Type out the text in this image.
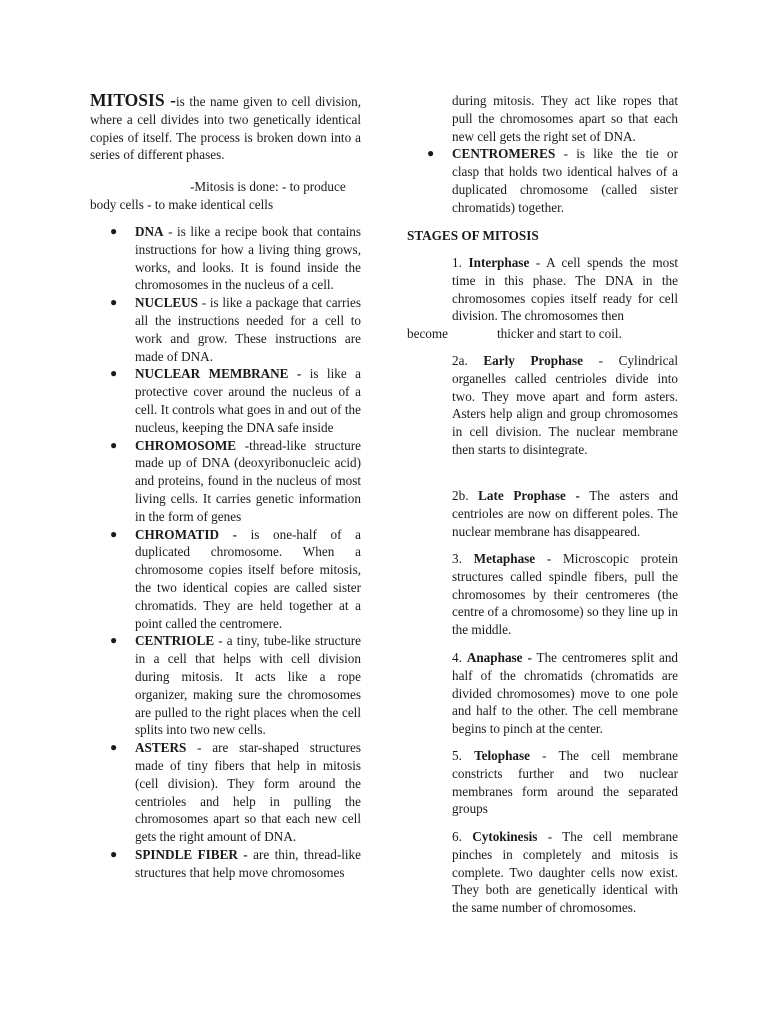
MITOSIS -is the name given to cell division, where a cell divides into two genetically identical copies of itself. The process is broken down into a series of different phases.

-Mitosis is done: - to produce

body cells - to make identical cells

● DNA - is like a recipe book that contains instructions for how a living thing grows, works, and looks. It is found inside the chromosomes in the nucleus of a cell.
● NUCLEUS - is like a package that carries all the instructions needed for a cell to work and grow. These instructions are made of DNA.
● NUCLEAR MEMBRANE - is like a protective cover around the nucleus of a cell. It controls what goes in and out of the nucleus, keeping the DNA safe inside
● CHROMOSOME -thread-like structure made up of DNA (deoxyribonucleic acid) and proteins, found in the nucleus of most living cells. It carries genetic information in the form of genes
● CHROMATID - is one-half of a duplicated chromosome. When a chromosome copies itself before mitosis, the two identical copies are called sister chromatids. They are held together at a point called the centromere.
● CENTRIOLE - a tiny, tube-like structure in a cell that helps with cell division during mitosis. It acts like a rope organizer, making sure the chromosomes are pulled to the right places when the cell splits into two new cells.
● ASTERS - are star-shaped structures made of tiny fibers that help in mitosis (cell division). They form around the centrioles and help in pulling the chromosomes apart so that each new cell gets the right amount of DNA.
● SPINDLE FIBER - are thin, thread-like structures that help move chromosomes
during mitosis. They act like ropes that pull the chromosomes apart so that each new cell gets the right set of DNA.
● CENTROMERES - is like the tie or clasp that holds two identical halves of a duplicated chromosome (called sister chromatids) together.

STAGES OF MITOSIS

1. Interphase - A cell spends the most time in this phase. The DNA in the chromosomes copies itself ready for cell division. The chromosomes then

become	thicker and start to coil.

2a. Early Prophase - Cylindrical organelles called centrioles divide into two. They move apart and form asters. Asters help align and group chromosomes in cell division. The nuclear membrane then starts to disintegrate.

2b. Late Prophase - The asters and centrioles are now on different poles. The nuclear membrane has disappeared.

3. Metaphase - Microscopic protein structures called spindle fibers, pull the chromosomes by their centromeres (the centre of a chromosome) so they line up in the middle.

4. Anaphase - The centromeres split and half of the chromatids (chromatids are divided chromosomes) move to one pole and half to the other. The cell membrane begins to pinch at the center.

5. Telophase - The cell membrane constricts further and two nuclear membranes form around the separated groups

6. Cytokinesis - The cell membrane pinches in completely and mitosis is complete. Two daughter cells now exist. They both are genetically identical with the same number of chromosomes.
